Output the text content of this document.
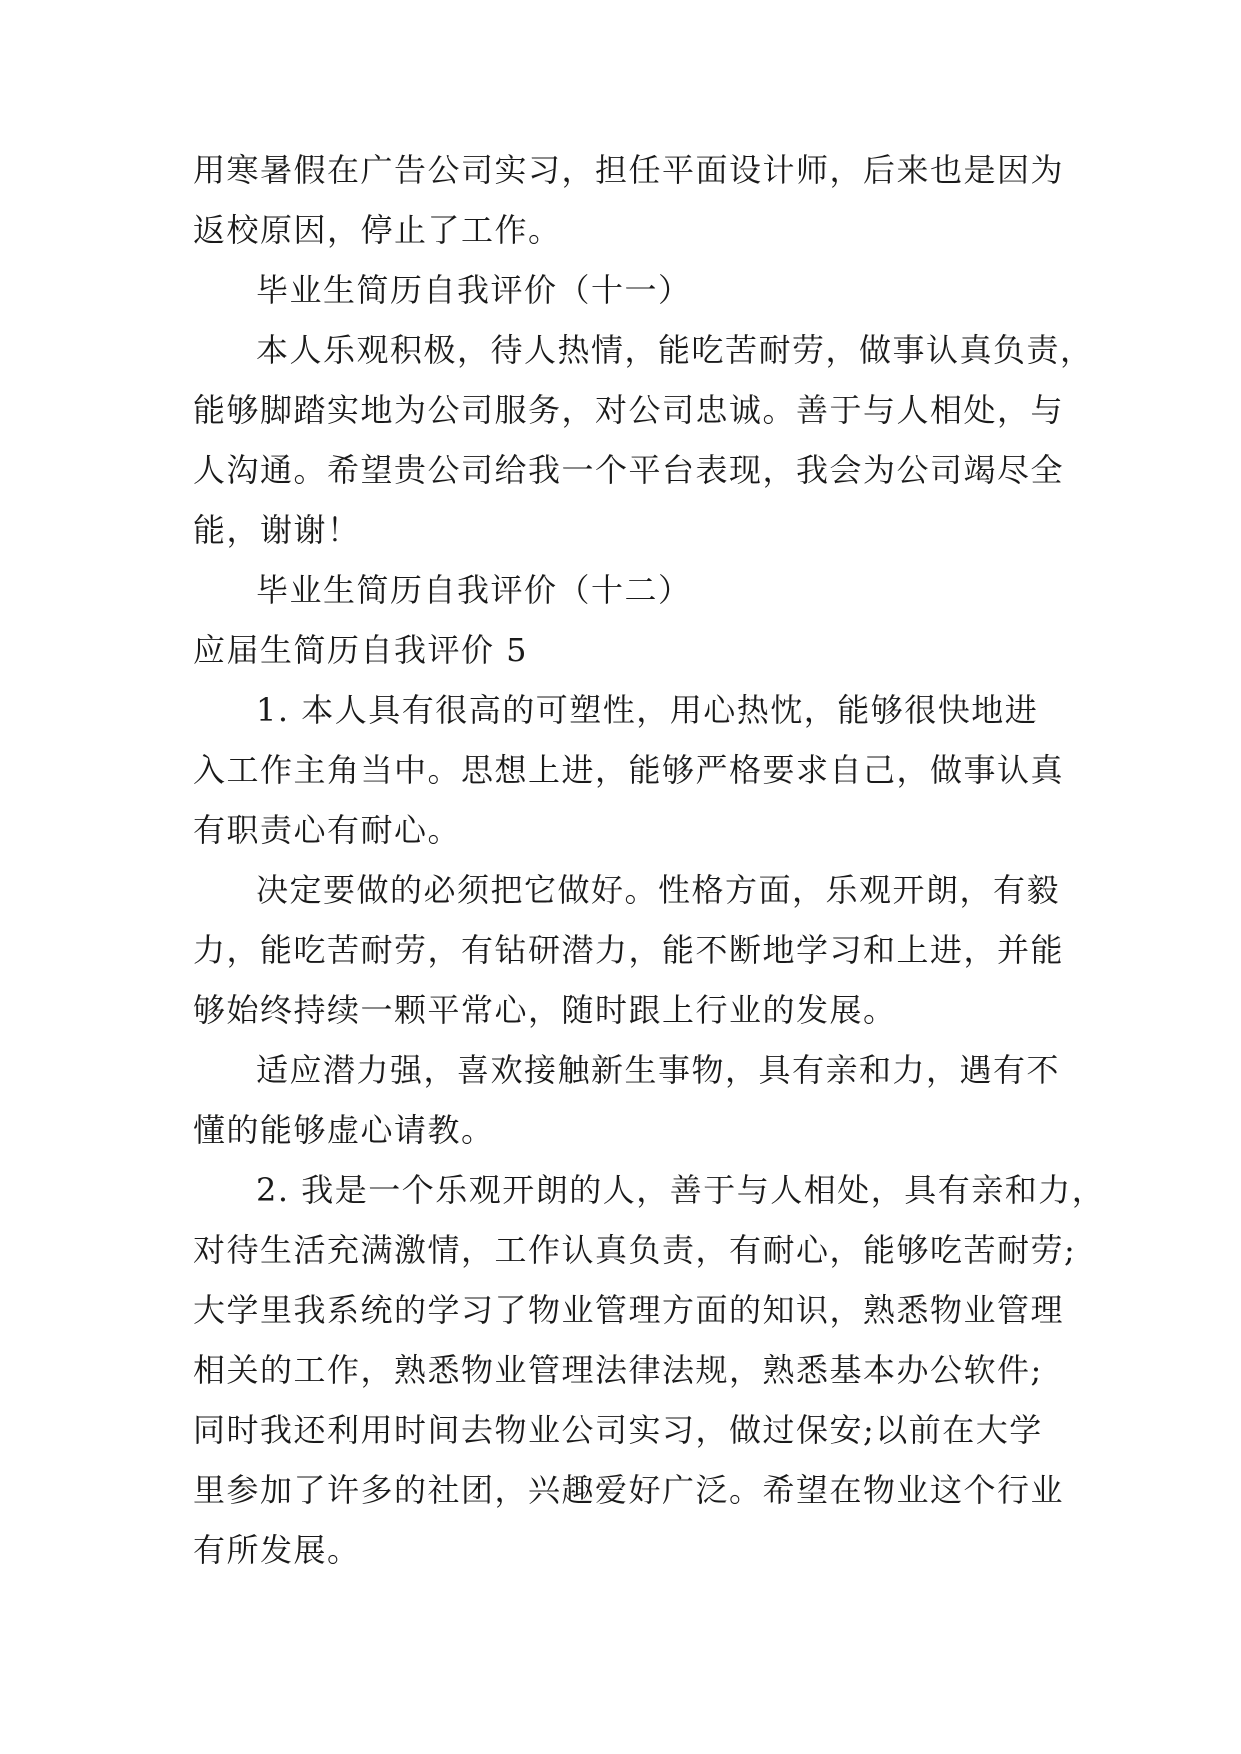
用寒暑假在广告公司实习，担任平面设计师，后来也是因为
返校原因，停止了工作。
毕业生简历自我评价（十一）
本人乐观积极，待人热情，能吃苦耐劳，做事认真负责，
能够脚踏实地为公司服务，对公司忠诚。善于与人相处，与
人沟通。希望贵公司给我一个平台表现，我会为公司竭尽全
能，谢谢！
毕业生简历自我评价（十二）
应届生简历自我评价 5
1. 本人具有很高的可塑性，用心热忱，能够很快地进
入工作主角当中。思想上进，能够严格要求自己，做事认真
有职责心有耐心。
决定要做的必须把它做好。性格方面，乐观开朗，有毅
力，能吃苦耐劳，有钻研潜力，能不断地学习和上进，并能
够始终持续一颗平常心，随时跟上行业的发展。
适应潜力强，喜欢接触新生事物，具有亲和力，遇有不
懂的能够虚心请教。
2. 我是一个乐观开朗的人，善于与人相处，具有亲和力，
对待生活充满激情，工作认真负责，有耐心，能够吃苦耐劳;
大学里我系统的学习了物业管理方面的知识，熟悉物业管理
相关的工作，熟悉物业管理法律法规，熟悉基本办公软件;
同时我还利用时间去物业公司实习，做过保安;以前在大学
里参加了许多的社团，兴趣爱好广泛。希望在物业这个行业
有所发展。
